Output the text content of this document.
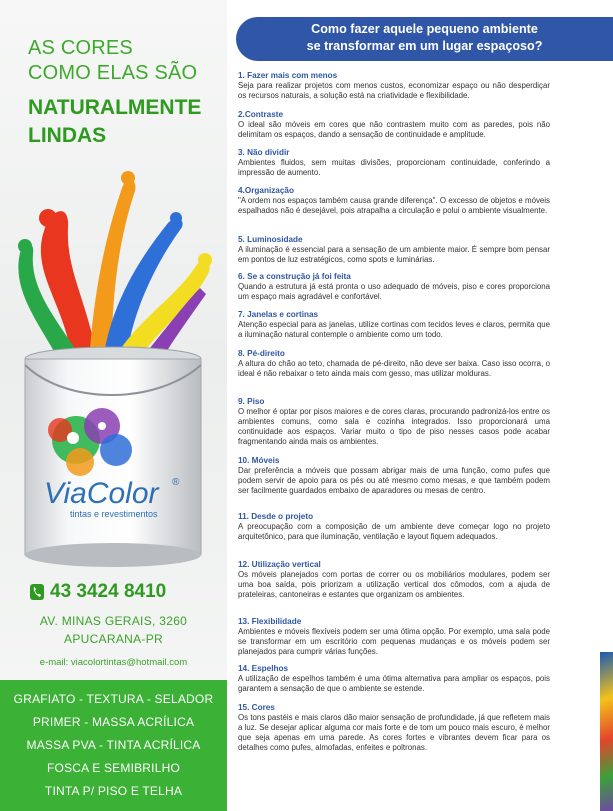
AS CORES
COMO ELAS SÃO
NATURALMENTE
LINDAS
ViaColor ®
tintas e revestimentos
43 3424 8410
AV. MINAS GERAIS, 3260
APUCARANA-PR
e-mail: viacolortintas@hotmail.com
GRAFIATO - TEXTURA - SELADOR
PRIMER - MASSA ACRÍLICA
MASSA PVA - TINTA ACRÍLICA
FOSCA E SEMIBRILHO
TINTA P/ PISO E TELHA
Como fazer aquele pequeno ambiente
se transformar em um lugar espaçoso?
1. Fazer mais com menos

Seja para realizar projetos com menos custos, economizar espaço ou não desperdiçar os recursos naturais, a solução está na criatividade e flexibilidade.

2.Contraste

O ideal são móveis em cores que não contrastem muito com as paredes, pois não delimitam os espaços, dando a sensação de continuidade e amplitude.

3. Não dividir

Ambientes fluidos, sem muitas divisões, proporcionam continuidade, conferindo a impressão de aumento.

4.Organização

"A ordem nos espaços também causa grande diferença". O excesso de objetos e móveis espalhados não é desejável, pois atrapalha a circulação e polui o ambiente visualmente.

5. Luminosidade

A iluminação é essencial para a sensação de um ambiente maior. É sempre bom pensar em pontos de luz estratégicos, como spots e luminárias.

6. Se a construção já foi feita

Quando a estrutura já está pronta o uso adequado de móveis, piso e cores proporciona um espaço mais agradável e confortável.

7. Janelas e cortinas

Atenção especial para as janelas, utilize cortinas com tecidos leves e claros, permita que a iluminação natural contemple o ambiente como um todo.

8. Pé-direito

A altura do chão ao teto, chamada de pé-direito, não deve ser baixa. Caso isso ocorra, o ideal é não rebaixar o teto ainda mais com gesso, mas utilizar molduras.

9. Piso

O melhor é optar por pisos maiores e de cores claras, procurando padronizá-los entre os ambientes comuns, como sala e cozinha integrados. Isso proporcionará uma continuidade aos espaços. Variar muito o tipo de piso nesses casos pode acabar fragmentando ainda mais os ambientes.

10. Móveis

Dar preferência a móveis que possam abrigar mais de uma função, como pufes que podem servir de apoio para os pés ou até mesmo como mesas, e que também podem ser facilmente guardados embaixo de aparadores ou mesas de centro.

11. Desde o projeto

A preocupação com a composição de um ambiente deve começar logo no projeto arquitetônico, para que iluminação, ventilação e layout fiquem adequados.

12. Utilização vertical

Os móveis planejados com portas de correr ou os mobiliários modulares, podem ser uma boa saída, pois priorizam a utilização vertical dos cômodos, com a ajuda de prateleiras, cantoneiras e estantes que organizam os ambientes.

13. Flexibilidade

Ambientes e móveis flexíveis podem ser uma ótima opção. Por exemplo, uma sala pode se transformar em um escritório com pequenas mudanças e os móveis podem ser planejados para cumprir várias funções.

14. Espelhos

A utilização de espelhos também é uma ótima alternativa para ampliar os espaços, pois garantem a sensação de que o ambiente se estende.

15. Cores

Os tons pastéis e mais claros dão maior sensação de profundidade, já que refletem mais a luz. Se desejar aplicar alguma cor mais forte e de tom um pouco mais escuro, é melhor que seja apenas em uma parede. As cores fortes e vibrantes devem ficar para os detalhes como pufes, almofadas, enfeites e poltronas.
